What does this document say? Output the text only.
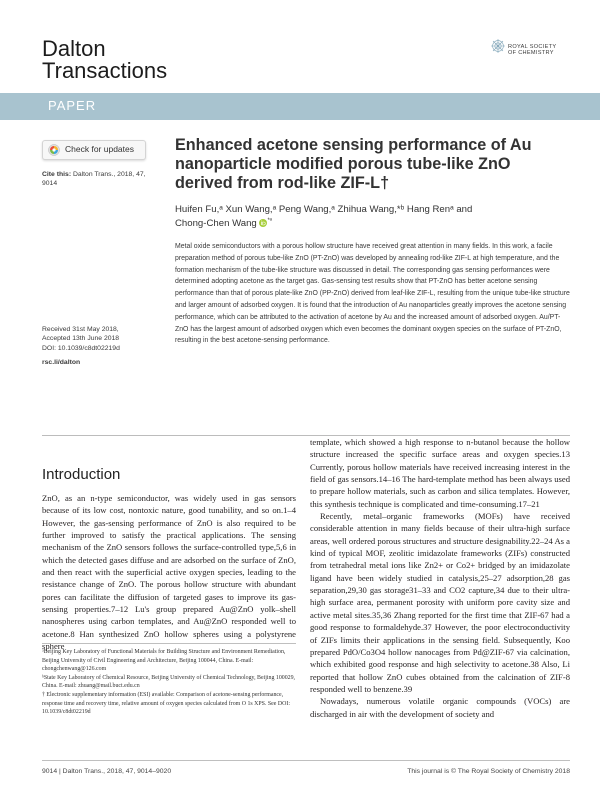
Dalton
Transactions
ROYAL SOCIETY
OF CHEMISTRY
PAPER
Check for updates
Cite this: Dalton Trans., 2018, 47, 9014
Received 31st May 2018,
Accepted 13th June 2018
DOI: 10.1039/c8dt02219d
rsc.li/dalton
Enhanced acetone sensing performance of Au nanoparticle modified porous tube-like ZnO derived from rod-like ZIF-L†
Huifen Fu,ᵃ Xun Wang,ᵃ Peng Wang,ᵃ Zhihua Wang,*ᵇ Hang Renᵃ and
Chong-Chen Wang $^{*ᵃ}$
Metal oxide semiconductors with a porous hollow structure have received great attention in many fields. In this work, a facile preparation method of porous tube-like ZnO (PT-ZnO) was developed by annealing rod-like ZIF-L at high temperature, and the formation mechanism of the tube-like structure was discussed in detail. The corresponding gas sensing performances were determined adopting acetone as the target gas. Gas-sensing test results show that PT-ZnO has better acetone sensing performance than that of porous plate-like ZnO (PP-ZnO) derived from leaf-like ZIF-L, resulting from the unique tube-like structure and larger amount of adsorbed oxygen. It is found that the introduction of Au nanoparticles greatly improves the acetone sensing performance, which can be attributed to the activation of acetone by Au and the increased amount of adsorbed oxygen. Au/PT-ZnO has the largest amount of adsorbed oxygen which even becomes the dominant oxygen species on the surface of PT-ZnO, resulting in the best acetone-sensing performance.
Introduction

ZnO, as an n-type semiconductor, was widely used in gas sensors because of its low cost, nontoxic nature, good tunability, and so on.1–4 However, the gas-sensing performance of ZnO is also required to be further improved to satisfy the practical applications. The sensing mechanism of the ZnO sensors follows the surface-controlled type,5,6 in which the detected gases diffuse and are adsorbed on the surface of ZnO, and then react with the superficial active oxygen species, leading to the resistance change of ZnO. The porous hollow structure with abundant pores can facilitate the diffusion of targeted gases to improve its gas-sensing properties.7–12 Lu's group prepared Au@ZnO yolk–shell nanospheres using carbon templates, and Au@ZnO responded well to acetone.8 Han synthesized ZnO hollow spheres using a polystyrene sphere

template, which showed a high response to n-butanol because the hollow structure increased the specific surface areas and oxygen species.13 Currently, porous hollow materials have received increasing interest in the field of gas sensors.14–16 The hard-template method has been always used to prepare hollow materials, such as carbon and silica templates. However, this synthesis technique is complicated and time-consuming.17–21

Recently, metal–organic frameworks (MOFs) have received considerable attention in many fields because of their ultra-high surface areas, well ordered porous structures and structure designability.22–24 As a kind of typical MOF, zeolitic imidazolate frameworks (ZIFs) constructed from tetrahedral metal ions like Zn2+ or Co2+ bridged by an imidazolate ligand have been widely studied in catalysis,25–27 adsorption,28 gas separation,29,30 gas storage31–33 and CO2 capture,34 due to their ultra-high surface area, permanent porosity with uniform pore cavity size and active metal sites.35,36 Zhang reported for the first time that ZIF-67 had a good response to formaldehyde.37 However, the poor electroconductivity of ZIFs limits their applications in the sensing field. Subsequently, Koo prepared PdO/Co3O4 hollow nanocages from Pd@ZIF-67 via calcination, which exhibited good response and high selectivity to acetone.38 Also, Li reported that hollow ZnO cubes obtained from the calcination of ZIF-8 responded well to benzene.39

Nowadays, numerous volatile organic compounds (VOCs) are discharged in air with the development of society and

ᵃBeijing Key Laboratory of Functional Materials for Building Structure and Environment Remediation, Beijing University of Civil Engineering and Architecture, Beijing 100044, China. E-mail: chongchenwang@126.com

ᵇState Key Laboratory of Chemical Resource, Beijing University of Chemical Technology, Beijing 100029, China. E-mail: zhuang@mail.buct.edu.cn

† Electronic supplementary information (ESI) available: Comparison of acetone-sensing performance, response time and recovery time, relative amount of oxygen species calculated from O 1s XPS. See DOI: 10.1039/c8dt02219d

9014 | Dalton Trans., 2018, 47, 9014–9020	This journal is © The Royal Society of Chemistry 2018
